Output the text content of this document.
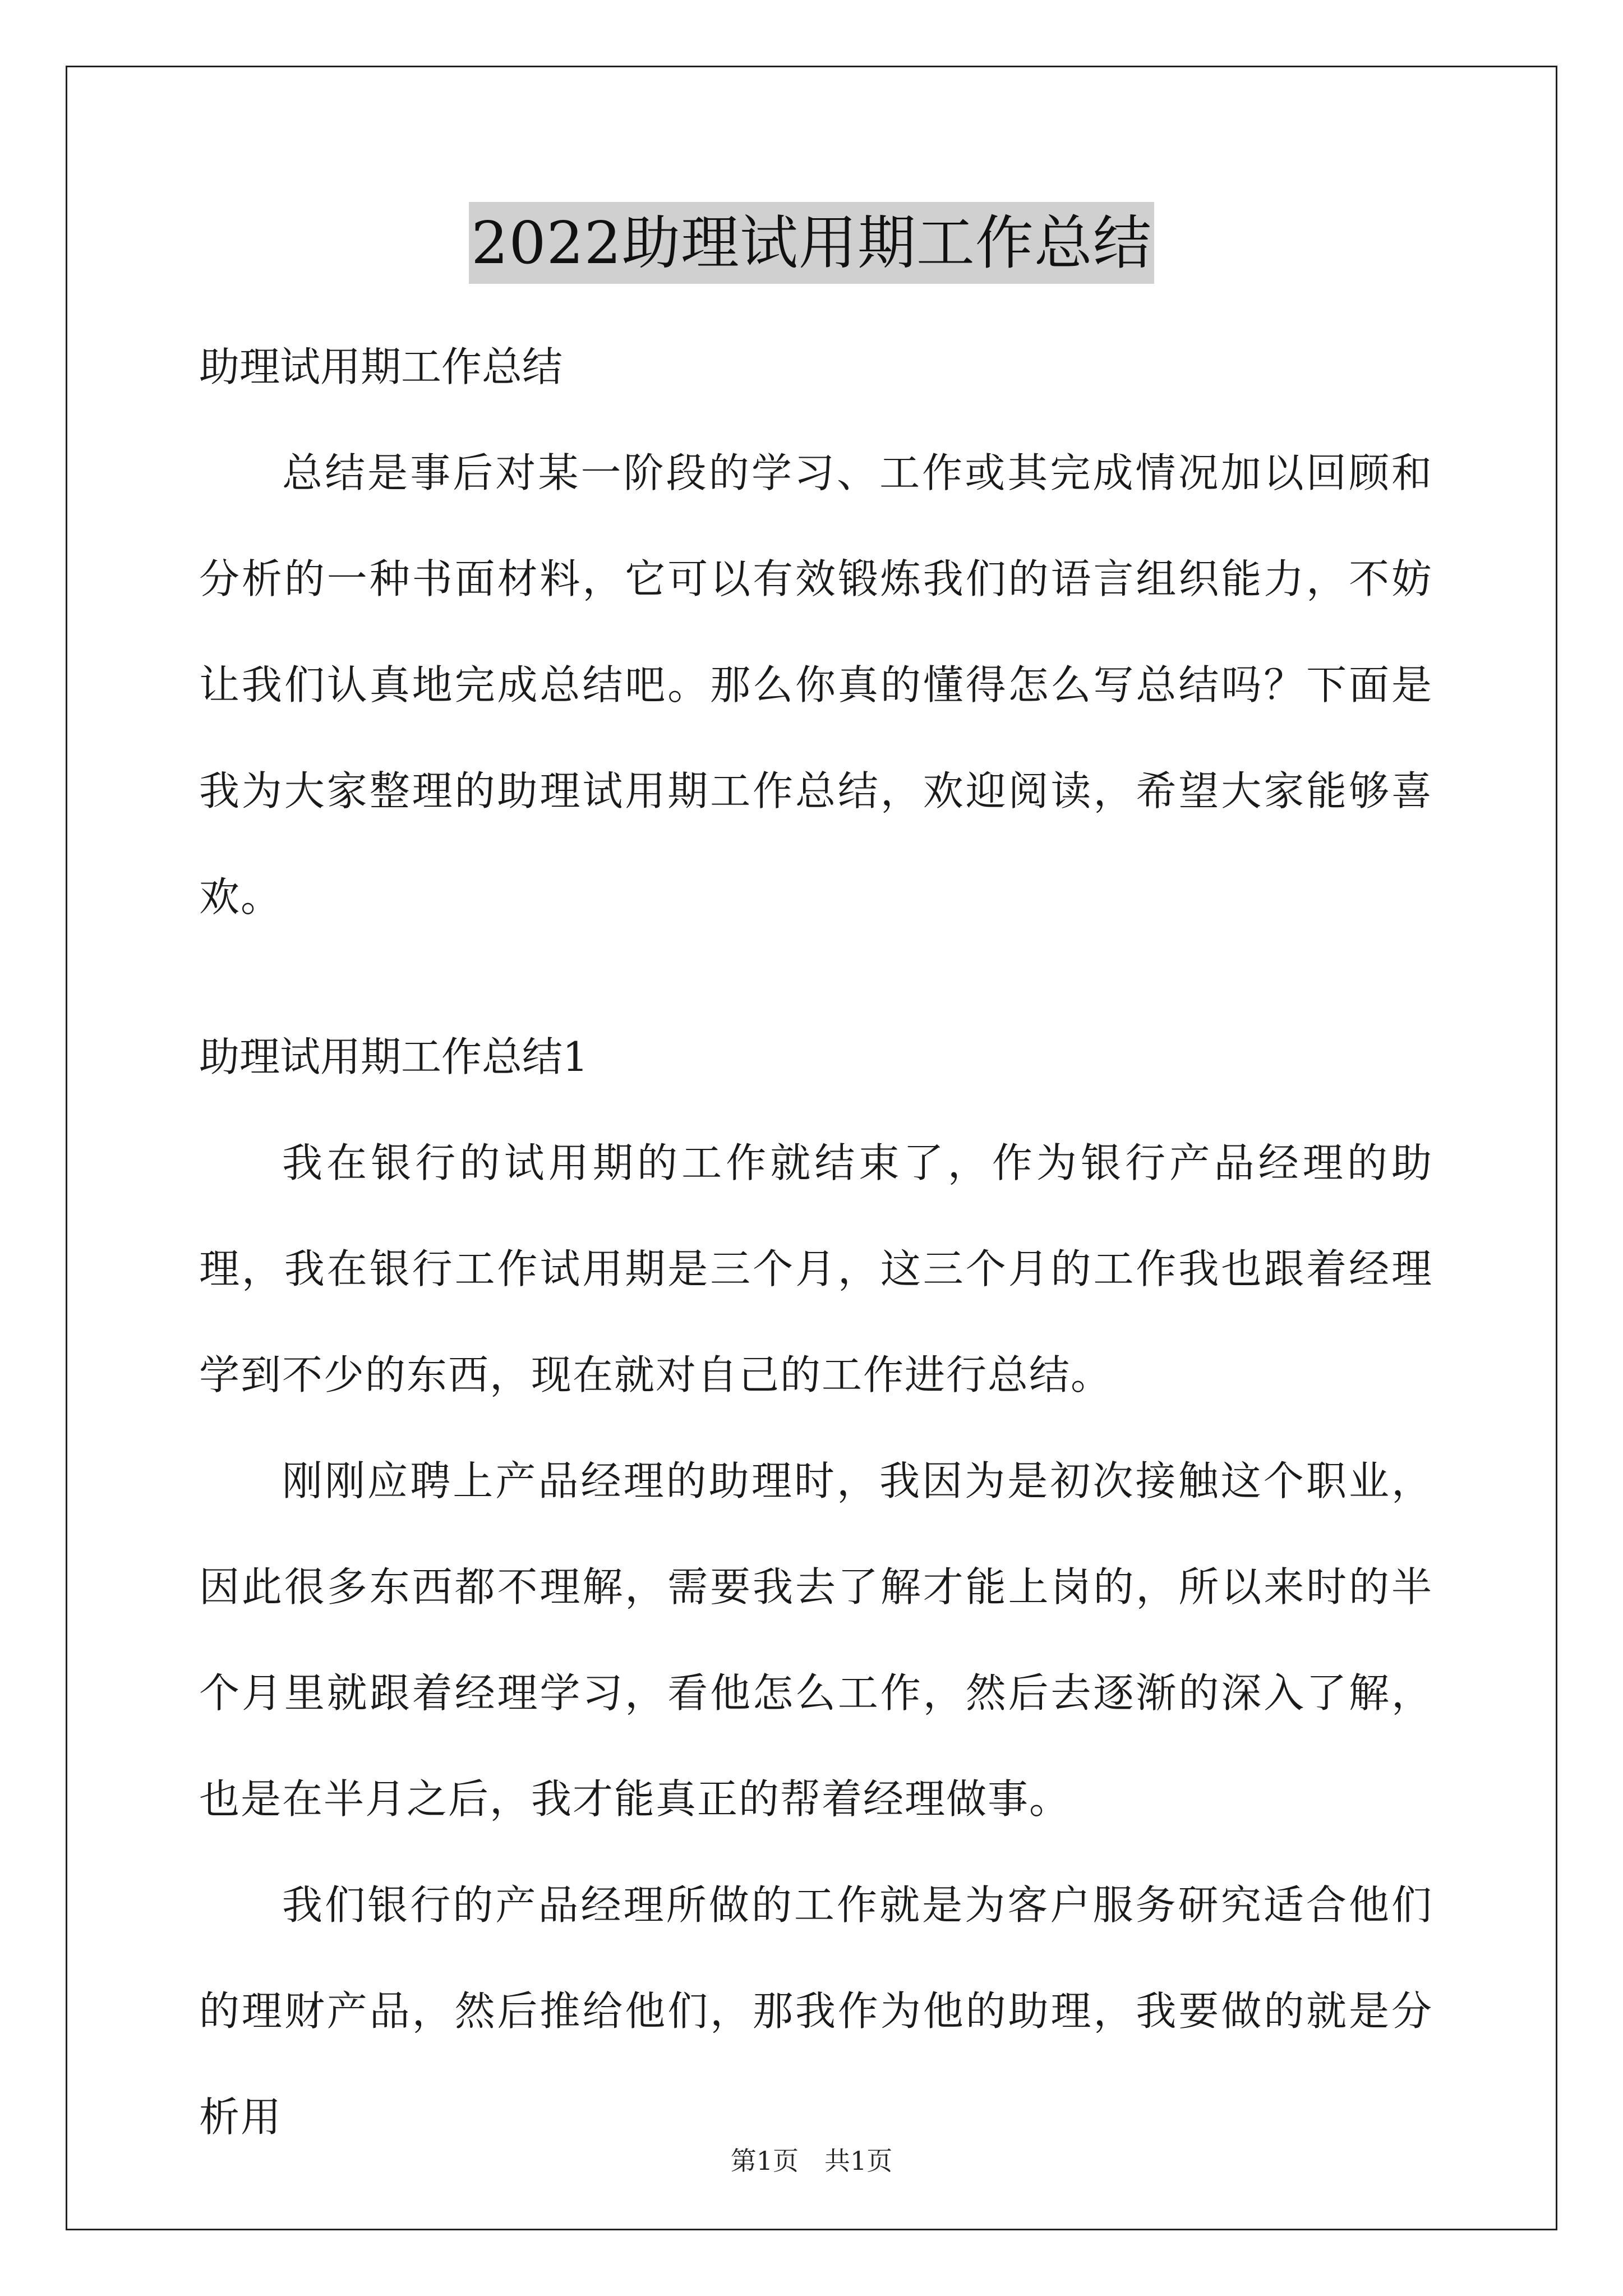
2022助理试用期工作总结

助理试用期工作总结

总结是事后对某一阶段的学习、工作或其完成情况加以回顾和分析的一种书面材料，它可以有效锻炼我们的语言组织能力，不妨让我们认真地完成总结吧。那么你真的懂得怎么写总结吗？下面是我为大家整理的助理试用期工作总结，欢迎阅读，希望大家能够喜欢。

助理试用期工作总结1

我在银行的试用期的工作就结束了，作为银行产品经理的助理，我在银行工作试用期是三个月，这三个月的工作我也跟着经理学到不少的东西，现在就对自己的工作进行总结。

刚刚应聘上产品经理的助理时，我因为是初次接触这个职业，因此很多东西都不理解，需要我去了解才能上岗的，所以来时的半个月里就跟着经理学习，看他怎么工作，然后去逐渐的深入了解，也是在半月之后，我才能真正的帮着经理做事。

我们银行的产品经理所做的工作就是为客户服务研究适合他们的理财产品，然后推给他们，那我作为他的助理，我要做的就是分析用

第1页　共1页
